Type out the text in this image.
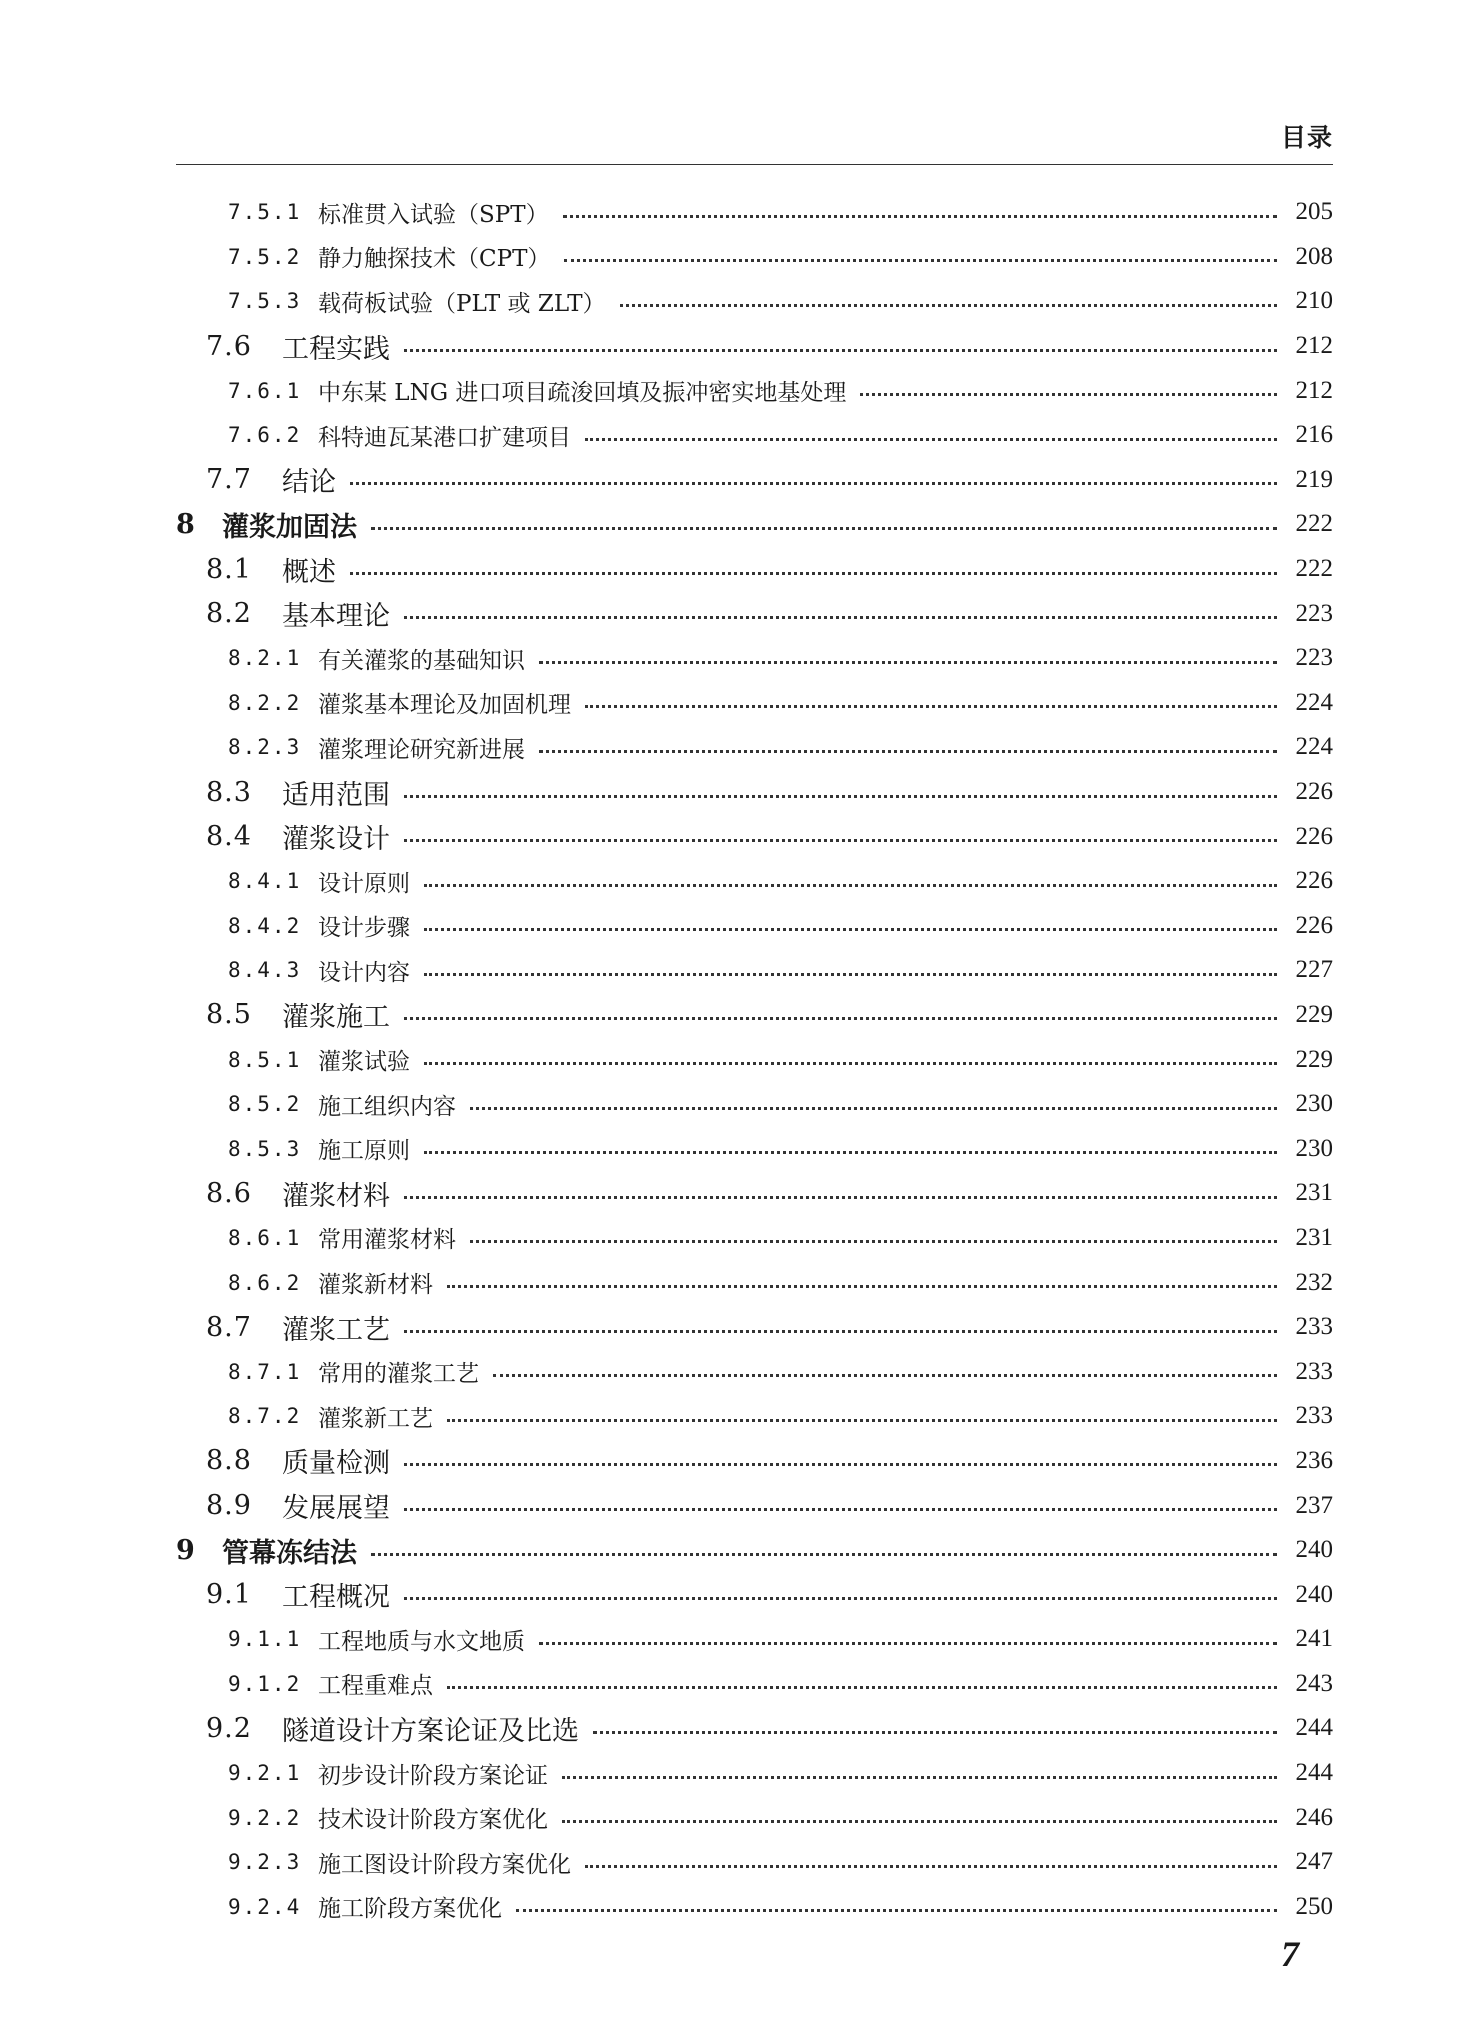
目录
7.5.1 标准贯入试验（SPT）	205
7.5.2 静力触探技术（CPT）	208
7.5.3 载荷板试验（PLT 或 ZLT）	210
7.6	工程实践	212
7.6.1 中东某 LNG 进口项目疏浚回填及振冲密实地基处理	212
7.6.2 科特迪瓦某港口扩建项目	216
7.7	结论	219
8	灌浆加固法	222
8.1	概述	222
8.2	基本理论	223
8.2.1 有关灌浆的基础知识	223
8.2.2 灌浆基本理论及加固机理	224
8.2.3 灌浆理论研究新进展	224
8.3	适用范围	226
8.4	灌浆设计	226
8.4.1 设计原则	226
8.4.2 设计步骤	226
8.4.3 设计内容	227
8.5	灌浆施工	229
8.5.1 灌浆试验	229
8.5.2 施工组织内容	230
8.5.3 施工原则	230
8.6	灌浆材料	231
8.6.1 常用灌浆材料	231
8.6.2 灌浆新材料	232
8.7	灌浆工艺	233
8.7.1 常用的灌浆工艺	233
8.7.2 灌浆新工艺	233
8.8	质量检测	236
8.9	发展展望	237
9	管幕冻结法	240
9.1	工程概况	240
9.1.1 工程地质与水文地质	241
9.1.2 工程重难点	243
9.2	隧道设计方案论证及比选	244
9.2.1 初步设计阶段方案论证	244
9.2.2 技术设计阶段方案优化	246
9.2.3 施工图设计阶段方案优化	247
9.2.4 施工阶段方案优化	250
7
